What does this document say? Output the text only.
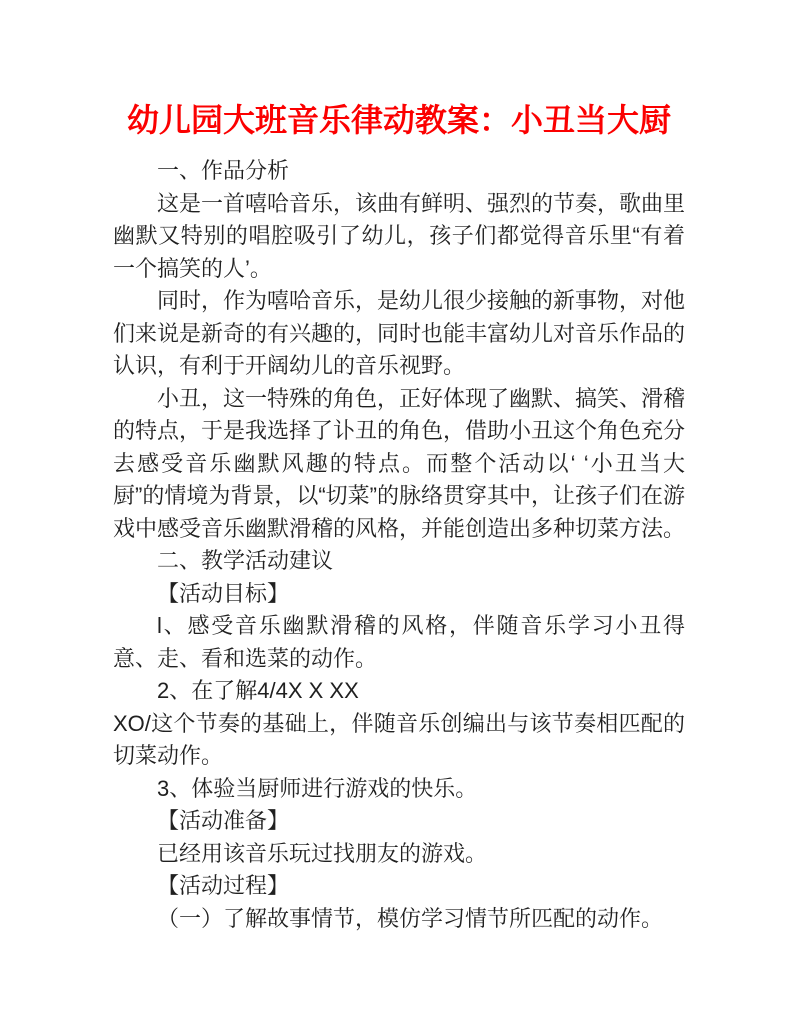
幼儿园大班音乐律动教案：小丑当大厨

一、作品分析

这是一首嘻哈音乐，该曲有鲜明、强烈的节奏，歌曲里幽默又特别的唱腔吸引了幼儿，孩子们都觉得音乐里“有着一个搞笑的人’。

同时，作为嘻哈音乐，是幼儿很少接触的新事物，对他们来说是新奇的有兴趣的，同时也能丰富幼儿对音乐作品的认识，有利于开阔幼儿的音乐视野。

小丑，这一特殊的角色，正好体现了幽默、搞笑、滑稽的特点，于是我选择了讣丑的角色，借助小丑这个角色充分去感受音乐幽默风趣的特点。而整个活动以‘ ‘小丑当大厨”的情境为背景，以“切菜”的脉络贯穿其中，让孩子们在游戏中感受音乐幽默滑稽的风格，并能创造出多种切菜方法。

二、教学活动建议

【活动目标】

l、感受音乐幽默滑稽的风格，伴随音乐学习小丑得意、走、看和选菜的动作。

2、在了解4/4X X XX
XO/这个节奏的基础上，伴随音乐创编出与该节奏相匹配的切菜动作。

3、体验当厨师进行游戏的快乐。

【活动准备】

已经用该音乐玩过找朋友的游戏。

【活动过程】

（一）了解故事情节，模仿学习情节所匹配的动作。
